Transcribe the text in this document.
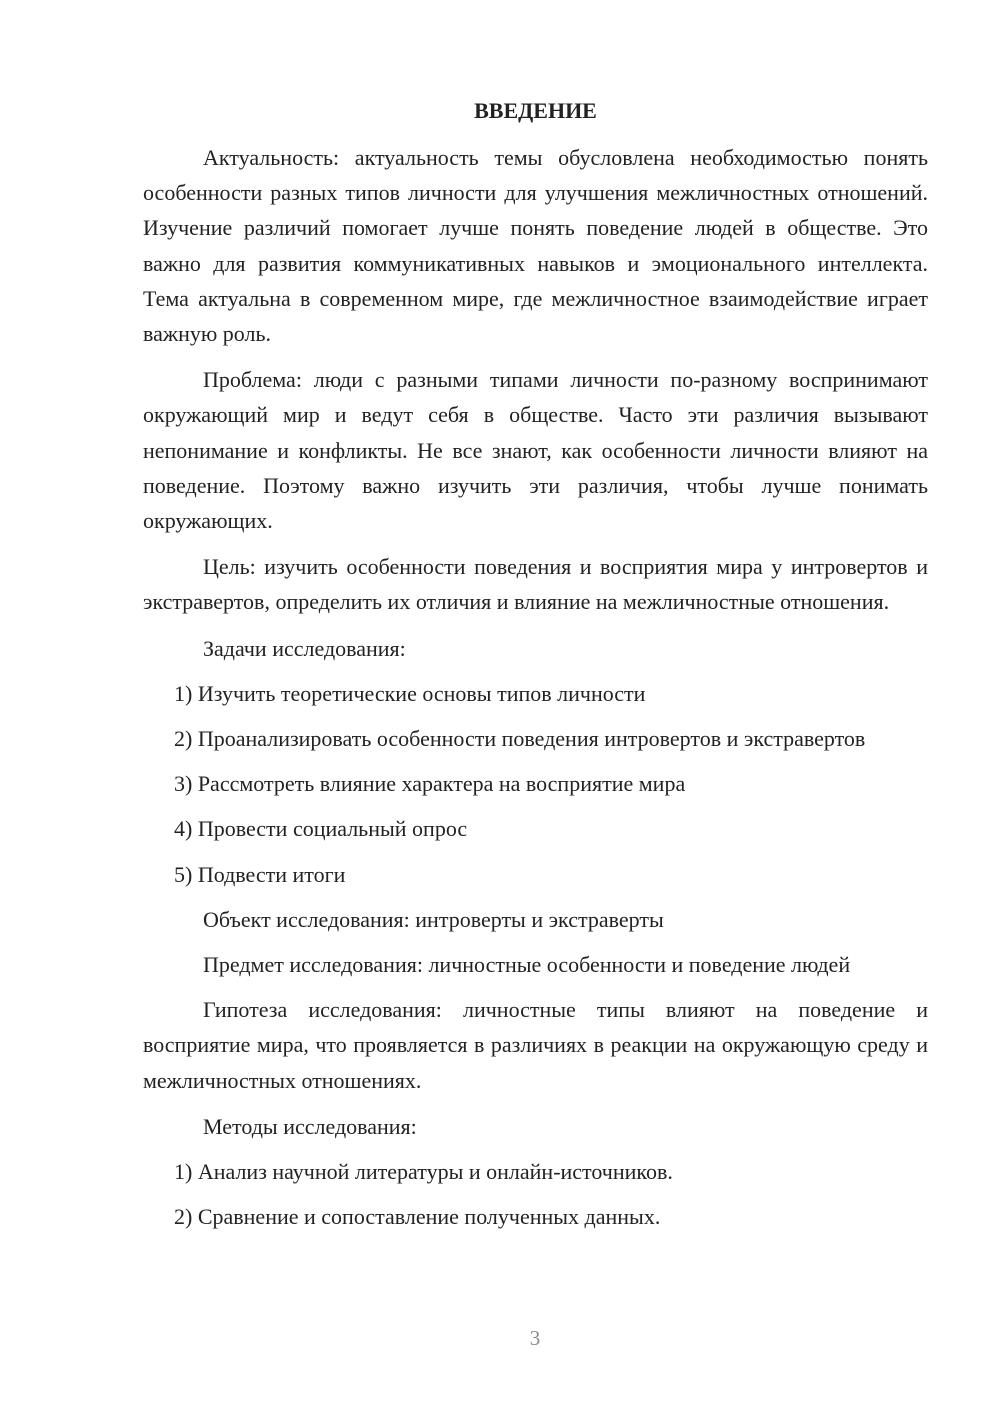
ВВЕДЕНИЕ

Актуальность: актуальность темы обусловлена необходимостью понять особенности разных типов личности для улучшения межличностных отношений. Изучение различий помогает лучше понять поведение людей в обществе. Это важно для развития коммуникативных навыков и эмоционального интеллекта. Тема актуальна в современном мире, где межличностное взаимодействие играет важную роль.

Проблема: люди с разными типами личности по-разному воспринимают окружающий мир и ведут себя в обществе. Часто эти различия вызывают непонимание и конфликты. Не все знают, как особенности личности влияют на поведение. Поэтому важно изучить эти различия, чтобы лучше понимать окружающих.

Цель: изучить особенности поведения и восприятия мира у интровертов и экстравертов, определить их отличия и влияние на межличностные отношения.

Задачи исследования:

1) Изучить теоретические основы типов личности

2) Проанализировать особенности поведения интровертов и экстравертов

3) Рассмотреть влияние характера на восприятие мира

4) Провести социальный опрос

5) Подвести итоги

Объект исследования: интроверты и экстраверты

Предмет исследования: личностные особенности и поведение людей

Гипотеза исследования: личностные типы влияют на поведение и восприятие мира, что проявляется в различиях в реакции на окружающую среду и межличностных отношениях.

Методы исследования:

1) Анализ научной литературы и онлайн-источников.

2) Сравнение и сопоставление полученных данных.

3
